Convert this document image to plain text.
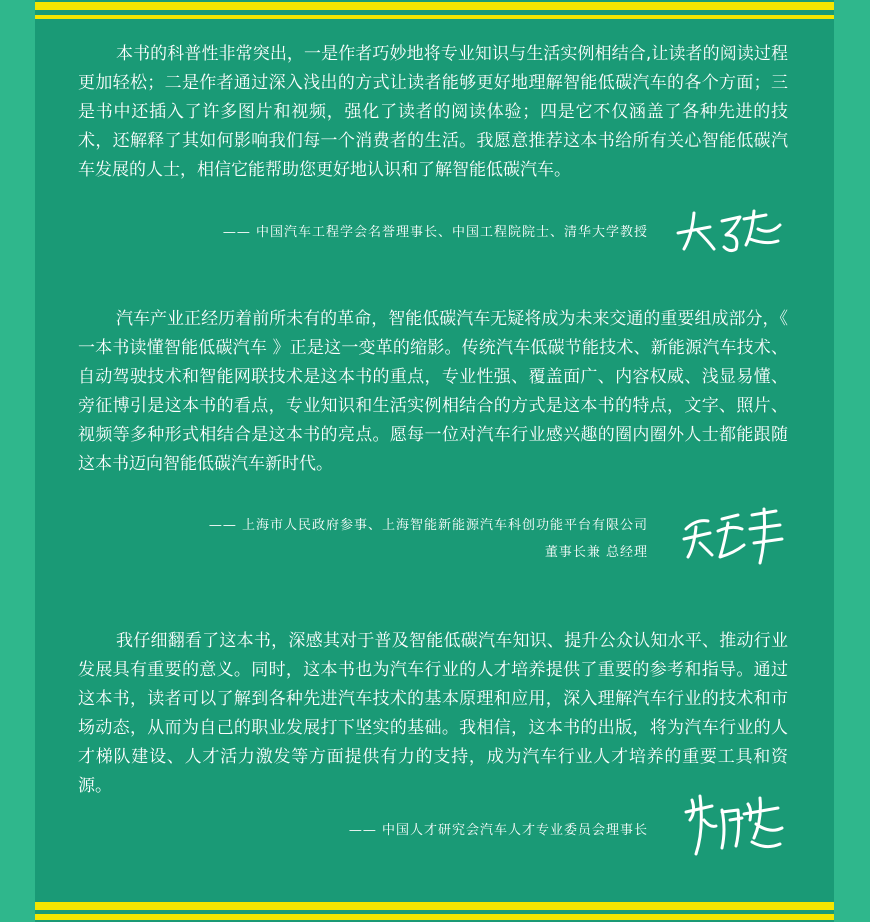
本书的科普性非常突出，一是作者巧妙地将专业知识与生活实例相结合,让读者的阅读过程更加轻松；二是作者通过深入浅出的方式让读者能够更好地理解智能低碳汽车的各个方面；三是书中还插入了许多图片和视频，强化了读者的阅读体验；四是它不仅涵盖了各种先进的技术，还解释了其如何影响我们每一个消费者的生活。我愿意推荐这本书给所有关心智能低碳汽车发展的人士，相信它能帮助您更好地认识和了解智能低碳汽车。

—— 中国汽车工程学会名誉理事长、中国工程院院士、清华大学教授

汽车产业正经历着前所未有的革命，智能低碳汽车无疑将成为未来交通的重要组成部分，《 一本书读懂智能低碳汽车 》正是这一变革的缩影。传统汽车低碳节能技术、新能源汽车技术、自动驾驶技术和智能网联技术是这本书的重点，专业性强、覆盖面广、内容权威、浅显易懂、旁征博引是这本书的看点，专业知识和生活实例相结合的方式是这本书的特点，文字、照片、视频等多种形式相结合是这本书的亮点。愿每一位对汽车行业感兴趣的圈内圈外人士都能跟随这本书迈向智能低碳汽车新时代。

—— 上海市人民政府参事、上海智能新能源汽车科创功能平台有限公司
董事长兼 总经理

我仔细翻看了这本书，深感其对于普及智能低碳汽车知识、提升公众认知水平、推动行业发展具有重要的意义。同时，这本书也为汽车行业的人才培养提供了重要的参考和指导。通过这本书，读者可以了解到各种先进汽车技术的基本原理和应用，深入理解汽车行业的技术和市场动态，从而为自己的职业发展打下坚实的基础。我相信，这本书的出版，将为汽车行业的人才梯队建设、人才活力激发等方面提供有力的支持，成为汽车行业人才培养的重要工具和资源。

—— 中国人才研究会汽车人才专业委员会理事长
